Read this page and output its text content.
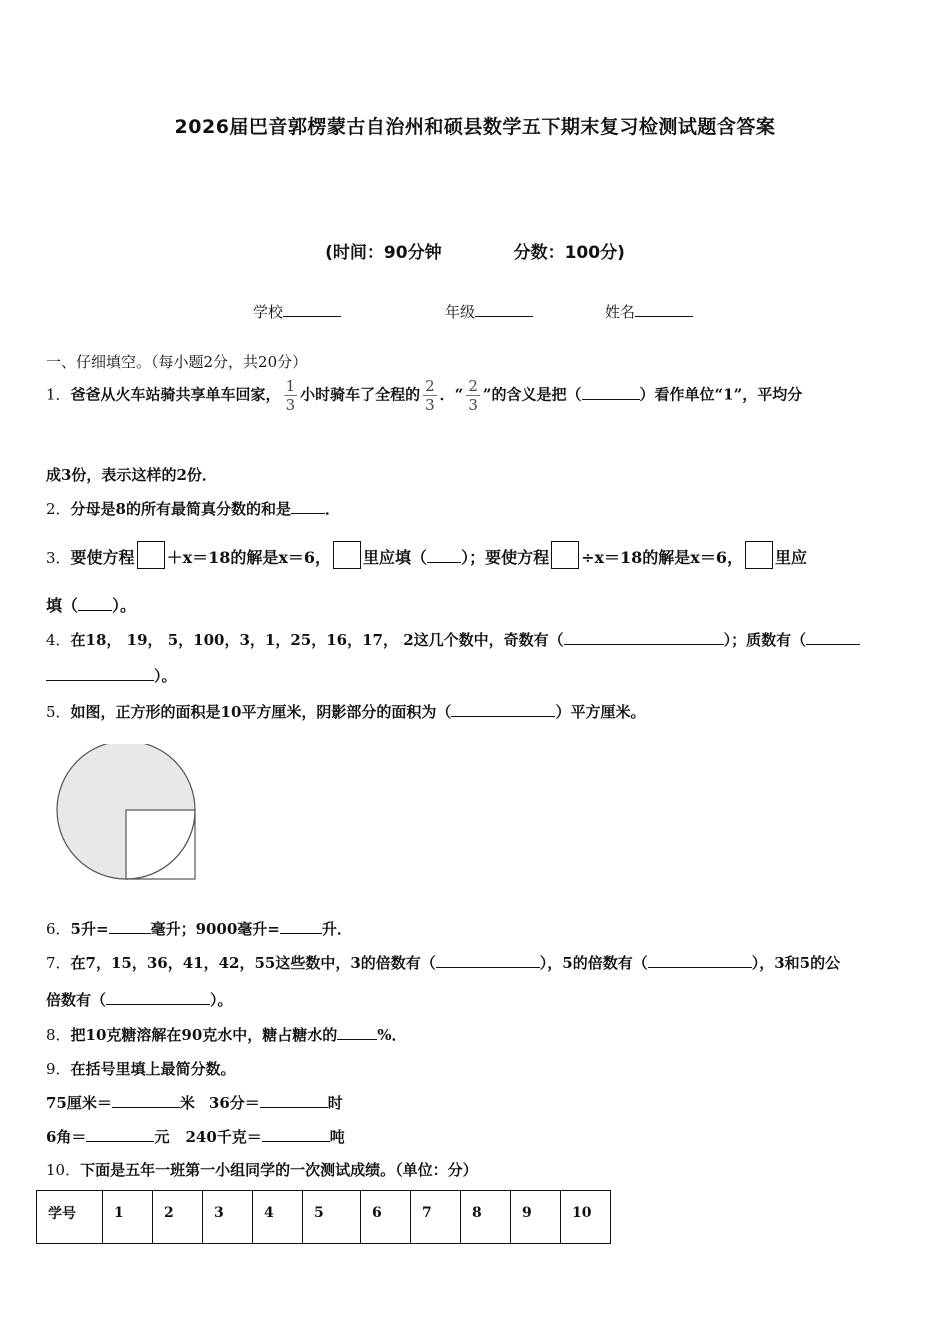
2026届巴音郭楞蒙古自治州和硕县数学五下期末复习检测试题含答案
(时间：90分钟	分数：100分)
学校	年级	姓名
一、仔细填空。（每小题2分，共20分）
1．爸爸从火车站骑共享单车回家， $\frac{1}{3}$ 小时骑车了全程的 $\frac{2}{3}$ ．“ $\frac{2}{3}$ ”的含义是把（	）看作单位“1”，平均分
成3份，表示这样的2份．
2．分母是8的所有最简真分数的和是 ．
3．要使方程 ＋x＝18的解是x＝6， 里应填（ ）；要使方程 ÷x＝18的解是x＝6， 里应
填（ ）。
4．在18， 19， 5，100，3，1，25，16，17， 2这几个数中，奇数有（	）；质数有（
）。
5．如图，正方形的面积是10平方厘米，阴影部分的面积为（	）平方厘米。
6．5升=	毫升；9000毫升=	升．
7．在7，15，36，41，42，55这些数中，3的倍数有（	），5的倍数有（	），3和5的公
倍数有（	）。
8．把10克糖溶解在90克水中，糖占糖水的	%．
9．在括号里填上最简分数。
75厘米＝	米 36分＝	时
6角＝	元 240千克＝	吨
10．下面是五年一班第一小组同学的一次测试成绩。（单位：分）
学号	1	2	3	4	5	6	7	8	9	10
